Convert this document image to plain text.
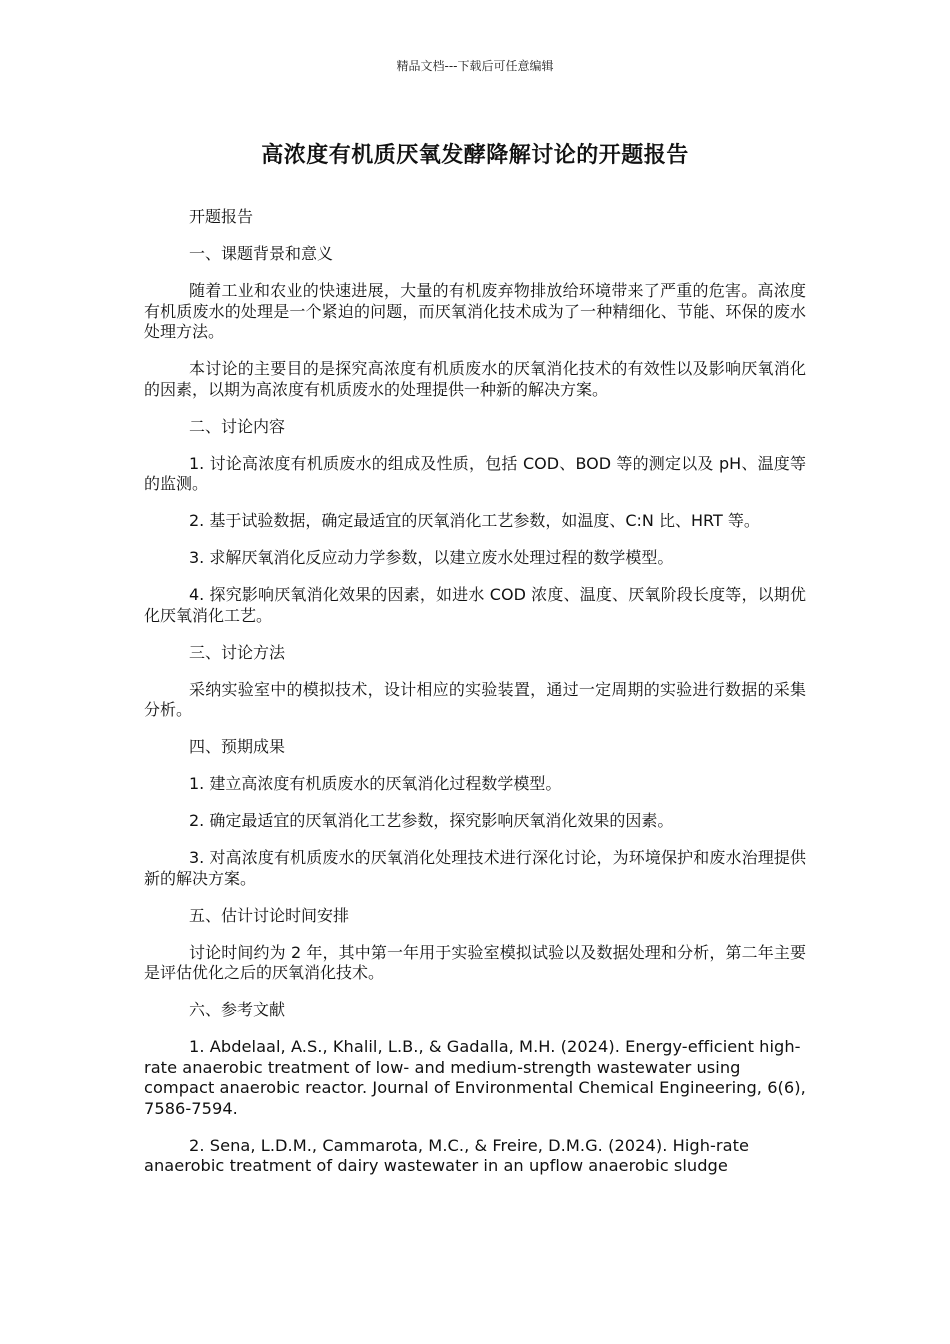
精品文档---下载后可任意编辑
高浓度有机质厌氧发酵降解讨论的开题报告

开题报告

一、课题背景和意义

随着工业和农业的快速进展，大量的有机废弃物排放给环境带来了严重的危害。高浓度有机质废水的处理是一个紧迫的问题，而厌氧消化技术成为了一种精细化、节能、环保的废水处理方法。

本讨论的主要目的是探究高浓度有机质废水的厌氧消化技术的有效性以及影响厌氧消化的因素，以期为高浓度有机质废水的处理提供一种新的解决方案。

二、讨论内容

1. 讨论高浓度有机质废水的组成及性质，包括 COD、BOD 等的测定以及 pH、温度等的监测。

2. 基于试验数据，确定最适宜的厌氧消化工艺参数，如温度、C:N 比、HRT 等。

3. 求解厌氧消化反应动力学参数，以建立废水处理过程的数学模型。

4. 探究影响厌氧消化效果的因素，如进水 COD 浓度、温度、厌氧阶段长度等，以期优化厌氧消化工艺。

三、讨论方法

采纳实验室中的模拟技术，设计相应的实验装置，通过一定周期的实验进行数据的采集分析。

四、预期成果

1. 建立高浓度有机质废水的厌氧消化过程数学模型。

2. 确定最适宜的厌氧消化工艺参数，探究影响厌氧消化效果的因素。

3. 对高浓度有机质废水的厌氧消化处理技术进行深化讨论，为环境保护和废水治理提供新的解决方案。

五、估计讨论时间安排

讨论时间约为 2 年，其中第一年用于实验室模拟试验以及数据处理和分析，第二年主要是评估优化之后的厌氧消化技术。

六、参考文献

1. Abdelaal, A.S., Khalil, L.B., & Gadalla, M.H. (2024). Energy-efficient high-rate anaerobic treatment of low- and medium-strength wastewater using compact anaerobic reactor. Journal of Environmental Chemical Engineering, 6(6), 7586-7594.

2. Sena, L.D.M., Cammarota, M.C., & Freire, D.M.G. (2024). High-rate anaerobic treatment of dairy wastewater in an upflow anaerobic sludge
